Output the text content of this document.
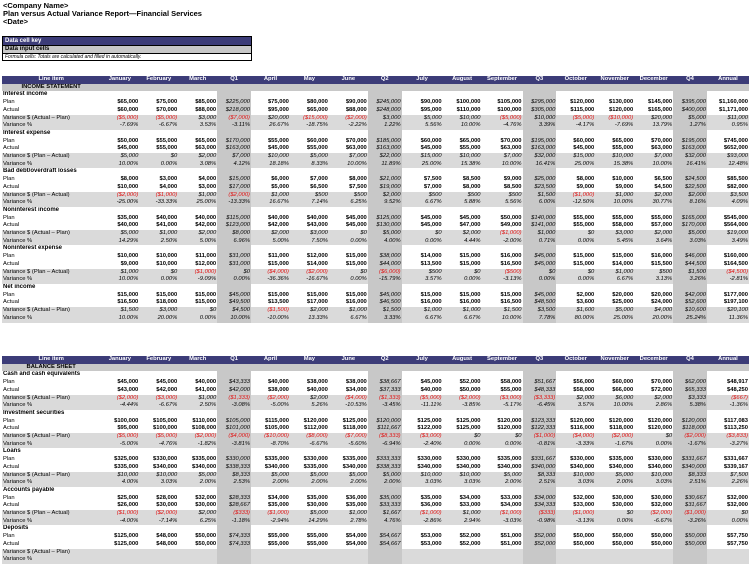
<Company Name>
Plan versus Actual Variance Report—Financial Services
<Date>
Data cell key
Data input cells
Formula cells: Totals are calculated and filled in automatically.
Line item	January	February	March	Q1	April	May	June	Q2	July	August	September	Q3	October	November	December	Q4	Annual
INCOME STATEMENT																	
Interest income																	
Plan	$65,000	$75,000	$85,000	$225,000	$75,000	$80,000	$90,000	$245,000	$90,000	$100,000	$105,000	$295,000	$120,000	$130,000	$145,000	$395,000	$1,160,000
Actual	$60,000	$70,000	$88,000	$218,000	$95,000	$65,000	$88,000	$248,000	$95,000	$110,000	$100,000	$305,000	$115,000	$120,000	$165,000	$400,000	$1,171,000
Variance $ (Actual – Plan)	($5,000)	($5,000)	$3,000	($7,000)	$20,000	($15,000)	($2,000)	$3,000	$5,000	$10,000	($5,000)	$10,000	($5,000)	($10,000)	$20,000	$5,000	$11,000
Variance %	-7.69%	-6.67%	3.53%	-3.11%	26.67%	-18.75%	-2.22%	1.22%	5.56%	10.00%	-4.76%	3.39%	-4.17%	-7.69%	13.79%	1.27%	0.95%
Interest expense																	
Plan	$50,000	$55,000	$65,000	$170,000	$55,000	$60,000	$70,000	$185,000	$60,000	$65,000	$70,000	$195,000	$60,000	$65,000	$70,000	$195,000	$745,000
Actual	$45,000	$55,000	$63,000	$163,000	$45,000	$55,000	$63,000	$163,000	$45,000	$55,000	$63,000	$163,000	$45,000	$55,000	$63,000	$163,000	$652,000
Variance $ (Plan – Actual)	$5,000	$0	$2,000	$7,000	$10,000	$5,000	$7,000	$22,000	$15,000	$10,000	$7,000	$32,000	$15,000	$10,000	$7,000	$32,000	$93,000
Variance %	10.00%	0.00%	3.08%	4.12%	18.18%	8.33%	10.00%	11.89%	25.00%	15.38%	10.00%	16.41%	25.00%	15.38%	10.00%	16.41%	12.48%
Bad debt/overdraft losses																	
Plan	$8,000	$3,000	$4,000	$15,000	$6,000	$7,000	$8,000	$21,000	$7,500	$8,500	$9,000	$25,000	$8,000	$10,000	$6,500	$24,500	$85,500
Actual	$10,000	$4,000	$3,000	$17,000	$5,000	$6,500	$7,500	$19,000	$7,000	$8,000	$8,500	$23,500	$9,000	$9,000	$4,500	$22,500	$82,000
Variance $ (Plan – Actual)	($2,000)	($1,000)	$1,000	($2,000)	$1,000	$500	$500	$2,000	$500	$500	$500	$1,500	($1,000)	$1,000	$2,000	$2,000	$3,500
Variance %	-25.00%	-33.33%	25.00%	-13.33%	16.67%	7.14%	6.25%	9.52%	6.67%	5.88%	5.56%	6.00%	-12.50%	10.00%	30.77%	8.16%	4.09%
Noninterest income																	
Plan	$35,000	$40,000	$40,000	$115,000	$40,000	$40,000	$45,000	$125,000	$45,000	$45,000	$50,000	$140,000	$55,000	$55,000	$55,000	$165,000	$545,000
Actual	$40,000	$41,000	$42,000	$123,000	$42,000	$43,000	$45,000	$130,000	$45,000	$47,000	$49,000	$141,000	$55,000	$58,000	$57,000	$170,000	$564,000
Variance $ (Actual – Plan)	$5,000	$1,000	$2,000	$8,000	$2,000	$3,000	$0	$5,000	$0	$2,000	($1,000)	$1,000	$0	$3,000	$2,000	$5,000	$19,000
Variance %	14.29%	2.50%	5.00%	6.96%	5.00%	7.50%	0.00%	4.00%	0.00%	4.44%	-2.00%	0.71%	0.00%	5.45%	3.64%	3.03%	3.49%
Noninterest expense																	
Plan	$10,000	$10,000	$11,000	$31,000	$11,000	$12,000	$15,000	$38,000	$14,000	$15,000	$16,000	$45,000	$15,000	$15,000	$16,000	$46,000	$160,000
Actual	$9,000	$10,000	$12,000	$31,000	$15,000	$14,000	$15,000	$44,000	$13,500	$15,000	$16,500	$45,000	$15,000	$14,000	$15,500	$44,500	$164,500
Variance $ (Plan – Actual)	$1,000	$0	($1,000)	$0	($4,000)	($2,000)	$0	($6,000)	$500	$0	($500)	$0	$0	$1,000	$500	$1,500	($4,500)
Variance %	10.00%	0.00%	-9.09%	0.00%	-36.36%	-16.67%	0.00%	-15.79%	3.57%	0.00%	-3.13%	0.00%	0.00%	6.67%	3.13%	3.26%	-2.81%
Net income																	
Plan	$15,000	$15,000	$15,000	$45,000	$15,000	$15,000	$15,000	$45,000	$15,000	$15,000	$15,000	$45,000	$2,000	$20,000	$20,000	$42,000	$177,000
Actual	$16,500	$18,000	$15,000	$49,500	$13,500	$17,000	$16,000	$46,500	$16,000	$16,000	$16,500	$48,500	$3,600	$25,000	$24,000	$52,600	$197,100
Variance $ (Actual – Plan)	$1,500	$3,000	$0	$4,500	($1,500)	$2,000	$1,000	$1,500	$1,000	$1,000	$1,500	$3,500	$1,600	$5,000	$4,000	$10,600	$20,100
Variance %	10.00%	20.00%	0.00%	10.00%	-10.00%	13.33%	6.67%	3.33%	6.67%	6.67%	10.00%	7.78%	80.00%	25.00%	20.00%	25.24%	11.36%
Line item	January	February	March	Q1	April	May	June	Q2	July	August	September	Q3	October	November	December	Q4	Annual
BALANCE SHEET																	
Cash and cash equivalents																	
Plan	$45,000	$45,000	$40,000	$43,333	$40,000	$38,000	$38,000	$38,667	$45,000	$52,000	$58,000	$51,667	$56,000	$60,000	$70,000	$62,000	$48,917
Actual	$43,000	$42,000	$41,000	$42,000	$38,000	$40,000	$34,000	$37,333	$40,000	$50,000	$55,000	$48,333	$58,000	$66,000	$72,000	$65,333	$48,250
Variance $ (Actual – Plan)	($2,000)	($3,000)	$1,000	($1,333)	($2,000)	$2,000	($4,000)	($1,333)	($5,000)	($2,000)	($3,000)	($3,333)	$2,000	$6,000	$2,000	$3,333	($667)
Variance %	-4.44%	-6.67%	2.50%	-3.08%	-5.00%	5.26%	-10.53%	-3.45%	-11.11%	-3.85%	-5.17%	-6.45%	3.57%	10.00%	2.86%	5.38%	-1.36%
Investment securities																	
Plan	$100,000	$105,000	$110,000	$105,000	$115,000	$120,000	$125,000	$120,000	$125,000	$125,000	$120,000	$123,333	$120,000	$120,000	$120,000	$120,000	$117,083
Actual	$95,000	$100,000	$108,000	$101,000	$105,000	$112,000	$118,000	$111,667	$122,000	$125,000	$120,000	$122,333	$116,000	$118,000	$120,000	$118,000	$113,250
Variance $ (Actual – Plan)	($5,000)	($5,000)	($2,000)	($4,000)	($10,000)	($8,000)	($7,000)	($8,333)	($3,000)	$0	$0	($1,000)	($4,000)	($2,000)	$0	($2,000)	($3,833)
Variance %	-5.00%	-4.76%	-1.82%	-3.81%	-8.70%	-6.67%	-5.60%	-6.94%	-2.40%	0.00%	0.00%	-0.81%	-3.33%	-1.67%	0.00%	-1.67%	-3.27%
Loans																	
Plan	$325,000	$330,000	$335,000	$330,000	$335,000	$330,000	$335,000	$333,333	$330,000	$330,000	$335,000	$331,667	$330,000	$335,000	$330,000	$331,667	$331,667
Actual	$335,000	$340,000	$340,000	$338,333	$340,000	$335,000	$340,000	$338,333	$340,000	$340,000	$340,000	$340,000	$340,000	$340,000	$340,000	$340,000	$339,167
Variance $ (Actual – Plan)	$10,000	$10,000	$5,000	$8,333	$5,000	$5,000	$5,000	$5,000	$10,000	$10,000	$5,000	$8,333	$10,000	$5,000	$10,000	$8,333	$7,500
Variance %	4.00%	3.03%	2.00%	2.53%	2.00%	2.00%	2.00%	2.00%	3.03%	3.03%	2.00%	2.51%	3.03%	2.00%	3.03%	2.51%	2.26%
Accounts payable																	
Plan	$25,000	$28,000	$32,000	$28,333	$34,000	$35,000	$36,000	$35,000	$35,000	$34,000	$33,000	$34,000	$32,000	$30,000	$30,000	$30,667	$32,000
Actual	$26,000	$30,000	$30,000	$28,667	$35,000	$30,000	$35,000	$33,333	$36,000	$33,000	$34,000	$34,333	$33,000	$30,000	$32,000	$31,667	$32,000
Variance $ (Plan – Actual)	($1,000)	($2,000)	$2,000	($333)	($1,000)	$5,000	$1,000	$1,667	($1,000)	$1,000	($1,000)	($333)	($1,000)	$0	($2,000)	($1,000)	$0
Variance %	-4.00%	-7.14%	6.25%	-1.18%	-2.94%	14.29%	2.78%	4.76%	-2.86%	2.94%	-3.03%	-0.98%	-3.13%	0.00%	-6.67%	-3.26%	0.00%
Deposits																	
Plan	$125,000	$48,000	$50,000	$74,333	$55,000	$55,000	$54,000	$54,667	$53,000	$52,000	$51,000	$52,000	$50,000	$50,000	$50,000	$50,000	$57,750
Actual	$125,000	$48,000	$50,000	$74,333	$55,000	$55,000	$54,000	$54,667	$53,000	$52,000	$51,000	$52,000	$50,000	$50,000	$50,000	$50,000	$57,750
Variance $ (Actual – Plan)																	
Variance %																	
